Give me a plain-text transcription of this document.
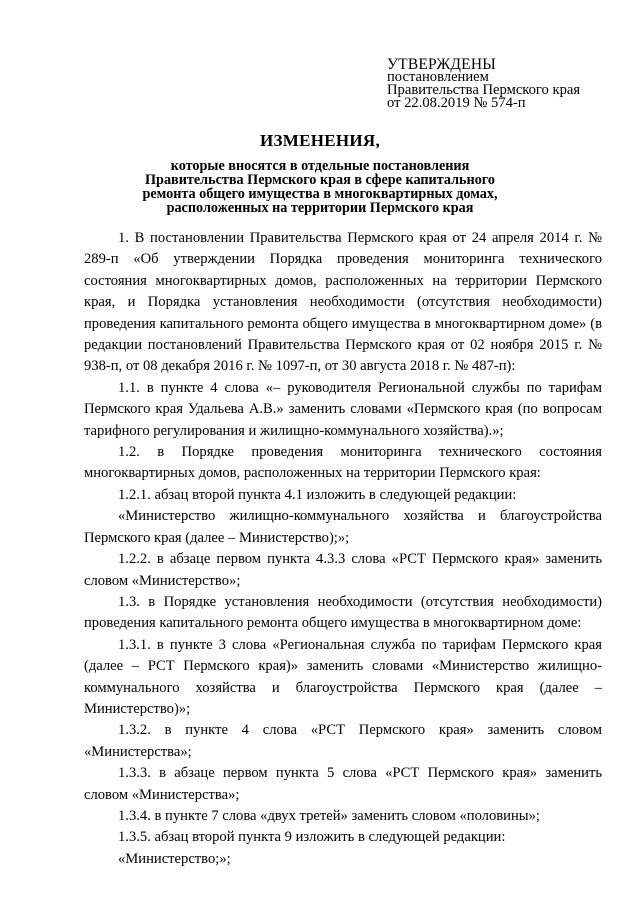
УТВЕРЖДЕНЫ
постановлением
Правительства Пермского края
от 22.08.2019 № 574-п
ИЗМЕНЕНИЯ,
которые вносятся в отдельные постановления
Правительства Пермского края в сфере капитального
ремонта общего имущества в многоквартирных домах,
расположенных на территории Пермского края

1. В постановлении Правительства Пермского края от 24 апреля 2014 г. № 289-п «Об утверждении Порядка проведения мониторинга технического состояния многоквартирных домов, расположенных на территории Пермского края, и Порядка установления необходимости (отсутствия необходимости) проведения капитального ремонта общего имущества в многоквартирном доме» (в редакции постановлений Правительства Пермского края от 02 ноября 2015 г. № 938-п, от 08 декабря 2016 г. № 1097-п, от 30 августа 2018 г. № 487-п):

1.1. в пункте 4 слова «– руководителя Региональной службы по тарифам Пермского края Удальева А.В.» заменить словами «Пермского края (по вопросам тарифного регулирования и жилищно-коммунального хозяйства).»;

1.2. в Порядке проведения мониторинга технического состояния многоквартирных домов, расположенных на территории Пермского края:

1.2.1. абзац второй пункта 4.1 изложить в следующей редакции:

«Министерство жилищно-коммунального хозяйства и благоустройства Пермского края (далее – Министерство);»;

1.2.2. в абзаце первом пункта 4.3.3 слова «РСТ Пермского края» заменить словом «Министерство»;

1.3. в Порядке установления необходимости (отсутствия необходимости) проведения капитального ремонта общего имущества в многоквартирном доме:

1.3.1. в пункте 3 слова «Региональная служба по тарифам Пермского края (далее – РСТ Пермского края)» заменить словами «Министерство жилищно-коммунального хозяйства и благоустройства Пермского края (далее – Министерство)»;

1.3.2. в пункте 4 слова «РСТ Пермского края» заменить словом «Министерства»;

1.3.3. в абзаце первом пункта 5 слова «РСТ Пермского края» заменить словом «Министерства»;

1.3.4. в пункте 7 слова «двух третей» заменить словом «половины»;

1.3.5. абзац второй пункта 9 изложить в следующей редакции:

«Министерство;»;
